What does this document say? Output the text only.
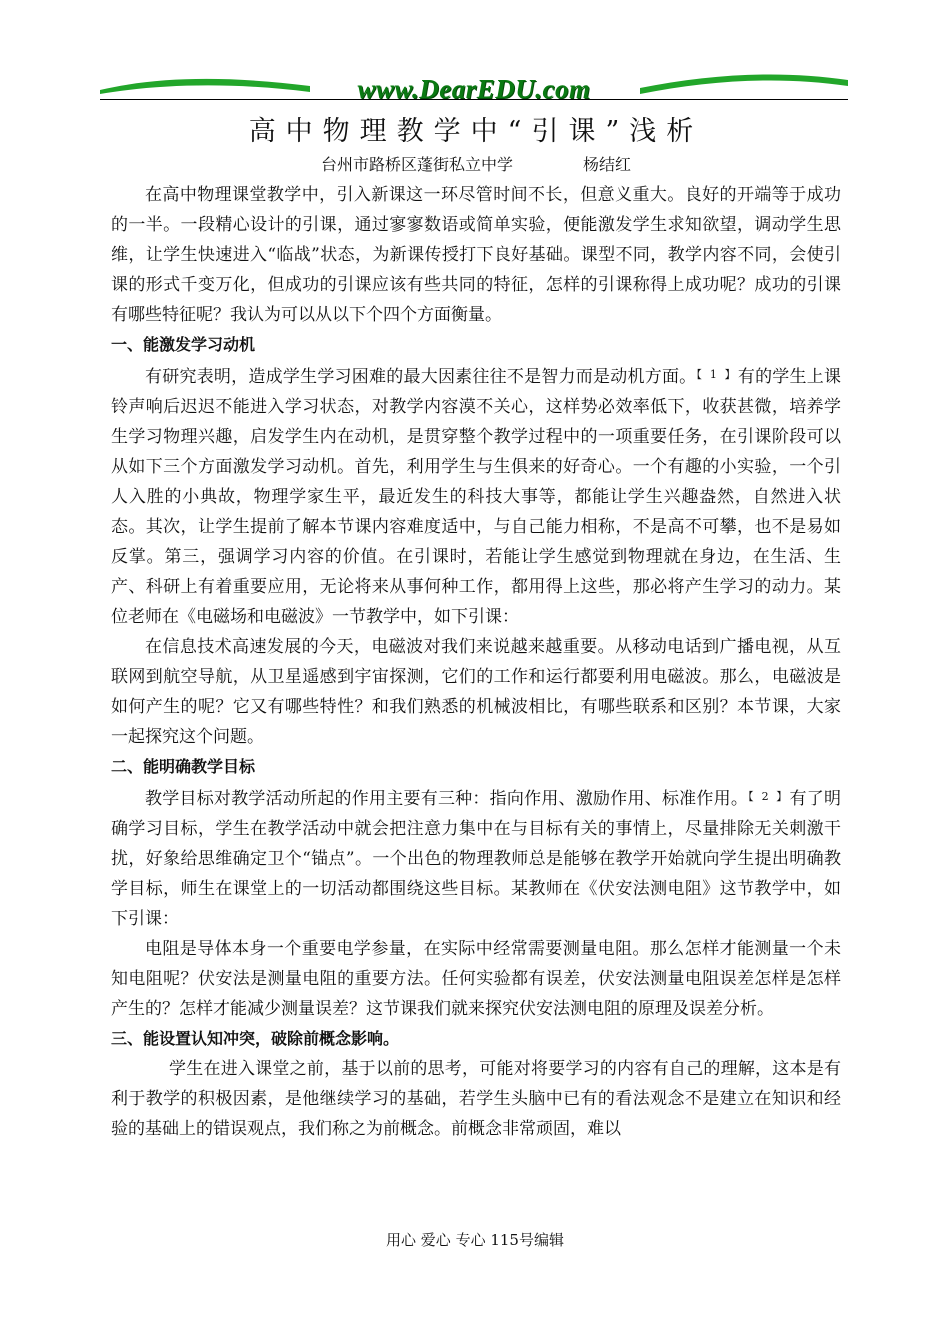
www.DearEDU.com
高中物理教学中“引课”浅析

台州市路桥区蓬街私立中学	杨结红

在高中物理课堂教学中，引入新课这一环尽管时间不长，但意义重大。良好的开端等于成功的一半。一段精心设计的引课，通过寥寥数语或简单实验，便能激发学生求知欲望，调动学生思维，让学生快速进入“临战”状态，为新课传授打下良好基础。课型不同，教学内容不同，会使引课的形式千变万化，但成功的引课应该有些共同的特征，怎样的引课称得上成功呢？成功的引课有哪些特征呢？我认为可以从以下个四个方面衡量。

一、能激发学习动机

有研究表明，造成学生学习困难的最大因素往往不是智力而是动机方面。$^{【 1 】}$有的学生上课铃声响后迟迟不能进入学习状态，对教学内容漠不关心，这样势必效率低下，收获甚微，培养学生学习物理兴趣，启发学生内在动机，是贯穿整个教学过程中的一项重要任务，在引课阶段可以从如下三个方面激发学习动机。首先，利用学生与生俱来的好奇心。一个有趣的小实验，一个引人入胜的小典故，物理学家生平，最近发生的科技大事等，都能让学生兴趣盎然，自然进入状态。其次，让学生提前了解本节课内容难度适中，与自己能力相称，不是高不可攀，也不是易如反掌。第三，强调学习内容的价值。在引课时，若能让学生感觉到物理就在身边，在生活、生产、科研上有着重要应用，无论将来从事何种工作，都用得上这些，那必将产生学习的动力。某位老师在《电磁场和电磁波》一节教学中，如下引课：

在信息技术高速发展的今天，电磁波对我们来说越来越重要。从移动电话到广播电视，从互联网到航空导航，从卫星遥感到宇宙探测，它们的工作和运行都要利用电磁波。那么，电磁波是如何产生的呢？它又有哪些特性？和我们熟悉的机械波相比，有哪些联系和区别？本节课，大家一起探究这个问题。

二、能明确教学目标

教学目标对教学活动所起的作用主要有三种：指向作用、激励作用、标准作用。$^{【 2 】}$有了明确学习目标，学生在教学活动中就会把注意力集中在与目标有关的事情上，尽量排除无关刺激干扰，好象给思维确定卫个“锚点”。一个出色的物理教师总是能够在教学开始就向学生提出明确教学目标，师生在课堂上的一切活动都围绕这些目标。某教师在《伏安法测电阻》这节教学中，如下引课：

电阻是导体本身一个重要电学参量，在实际中经常需要测量电阻。那么怎样才能测量一个未知电阻呢？伏安法是测量电阻的重要方法。任何实验都有误差，伏安法测量电阻误差怎样是怎样产生的？怎样才能减少测量误差？这节课我们就来探究伏安法测电阻的原理及误差分析。

三、能设置认知冲突，破除前概念影响。

学生在进入课堂之前，基于以前的思考，可能对将要学习的内容有自己的理解，这本是有利于教学的积极因素，是他继续学习的基础，若学生头脑中已有的看法观念不是建立在知识和经验的基础上的错误观点，我们称之为前概念。前概念非常顽固，难以

用心 爱心 专心 115号编辑
